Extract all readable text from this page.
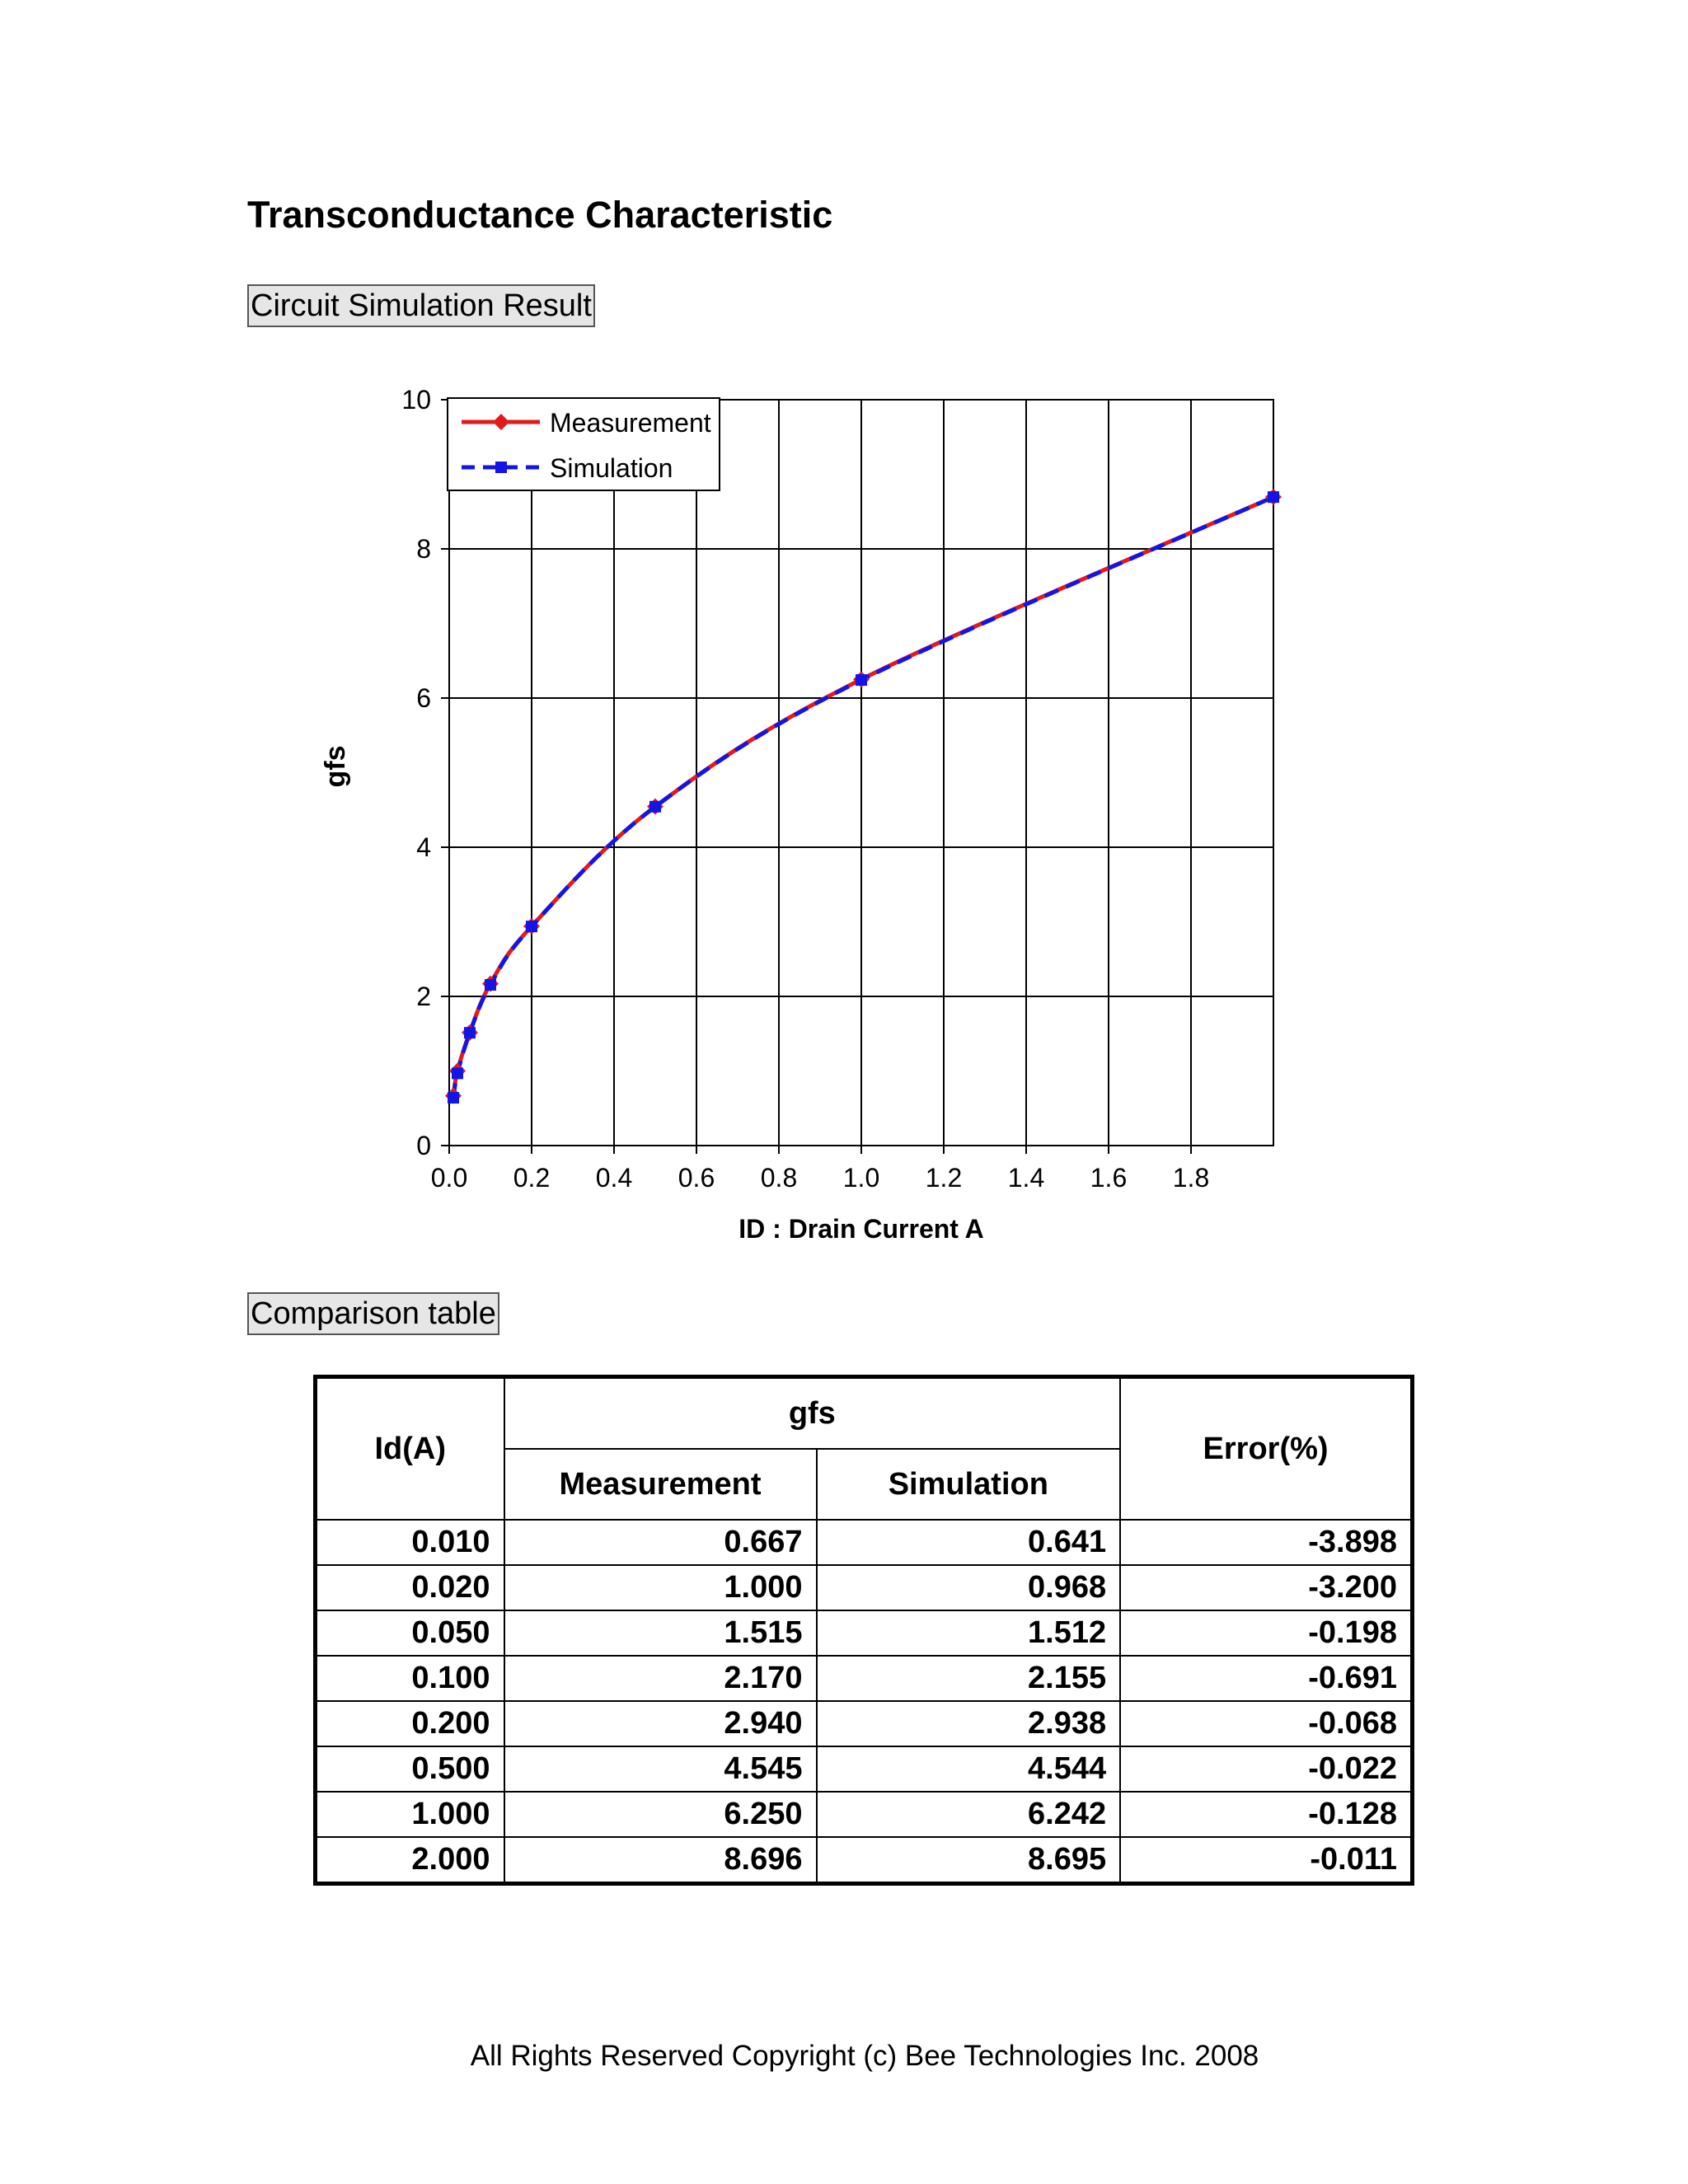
Transconductance Characteristic
Circuit Simulation Result
0.0 0.2 0.4 0.6 0.8 1.0 1.2 1.4 1.6 1.8
0
2
4
6
8
10
gfs
ID : Drain Current A
Measurement
Simulation
Comparison table
Id(A)	gfs		Error(%)
	Measurement	Simulation	
0.010	0.667	0.641	-3.898
0.020	1.000	0.968	-3.200
0.050	1.515	1.512	-0.198
0.100	2.170	2.155	-0.691
0.200	2.940	2.938	-0.068
0.500	4.545	4.544	-0.022
1.000	6.250	6.242	-0.128
2.000	8.696	8.695	-0.011
All Rights Reserved Copyright (c) Bee Technologies Inc. 2008
